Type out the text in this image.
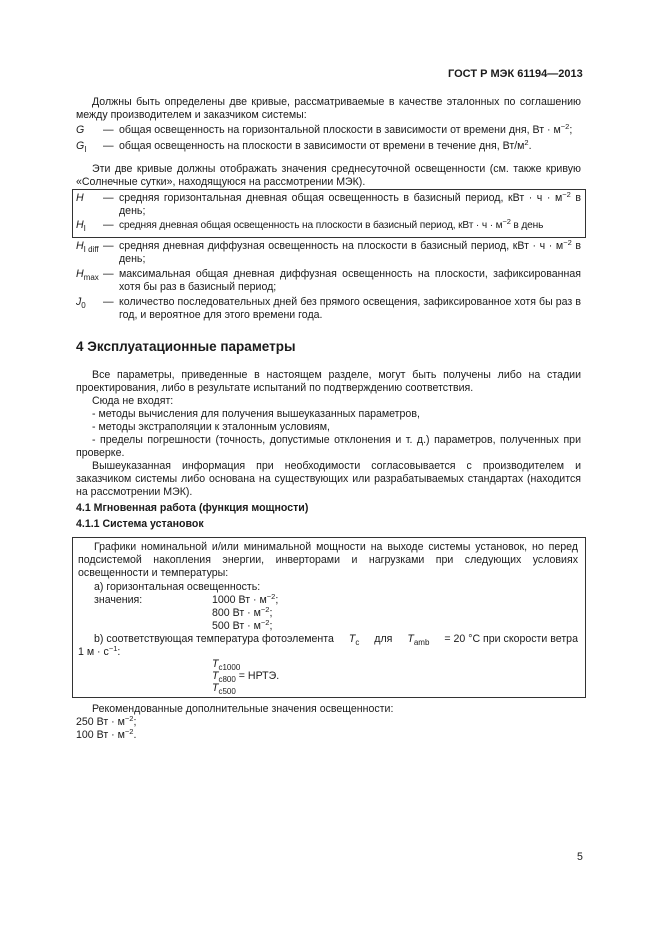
ГОСТ Р МЭК 61194—2013
Должны быть определены две кривые, рассматриваемые в качестве эталонных по соглашению между производителем и заказчиком системы:
G	— общая освещенность на горизонтальной плоскости в зависимости от времени дня, Вт · $м^{-2}$;
$G_I$	— общая освещенность на плоскости в зависимости от времени в течение дня, $Вт/м^2$.
Эти две кривые должны отображать значения среднесуточной освещенности (см. также кривую «Солнечные сутки», находящуюся на рассмотрении МЭК).
H	— средняя горизонтальная дневная общая освещенность в базисный период, кВт · $ч \cdot м^{-2}$ в день;
$H_I$	— средняя дневная общая освещенность на плоскости в базисный период, кВт · $ч \cdot м^{-2}$ в день
$H_{I diff}$ — средняя дневная диффузная освещенность на плоскости в базисный период, кВт · $ч \cdot м^{-2}$ в день;
$H_{max}$ — максимальная общая дневная диффузная освещенность на плоскости, зафиксированная хотя бы раз в базисный период;
$J_0$	— количество последовательных дней без прямого освещения, зафиксированное хотя бы раз в год, и вероятное для этого времени года.
4 Эксплуатационные параметры
Все параметры, приведенные в настоящем разделе, могут быть получены либо на стадии проектирования, либо в результате испытаний по подтверждению соответствия.
Сюда не входят:
- методы вычисления для получения вышеуказанных параметров,
- методы экстраполяции к эталонным условиям,
- пределы погрешности (точность, допустимые отклонения и т. д.) параметров, полученных при проверке.
Вышеуказанная информация при необходимости согласовывается с производителем и заказчиком системы либо основана на существующих или разрабатываемых стандартах (находится на рассмотрении МЭК).
4.1 Мгновенная работа (функция мощности)
4.1.1 Система установок
Графики номинальной и/или минимальной мощности на выходе системы установок, но перед подсистемой накопления энергии, инверторами и нагрузками при следующих условиях освещенности и температуры:
а) горизонтальная освещенность:
значения:	1000 Вт · $м^{-2}$;
800 Вт · $м^{-2}$;
500 Вт · $м^{-2}$;
b) соответствующая температура фотоэлемента $T_c$ для $T_{amb} = 20$ °С при скорости ветра
1 $м \cdot с^{-1}$:
$T_{c1000}$
$T_{c800}$ = НРТЭ.
$T_{c500}$
Рекомендованные дополнительные значения освещенности:
250 Вт · $м^{-2}$;
100 Вт · $м^{-2}$.
5
